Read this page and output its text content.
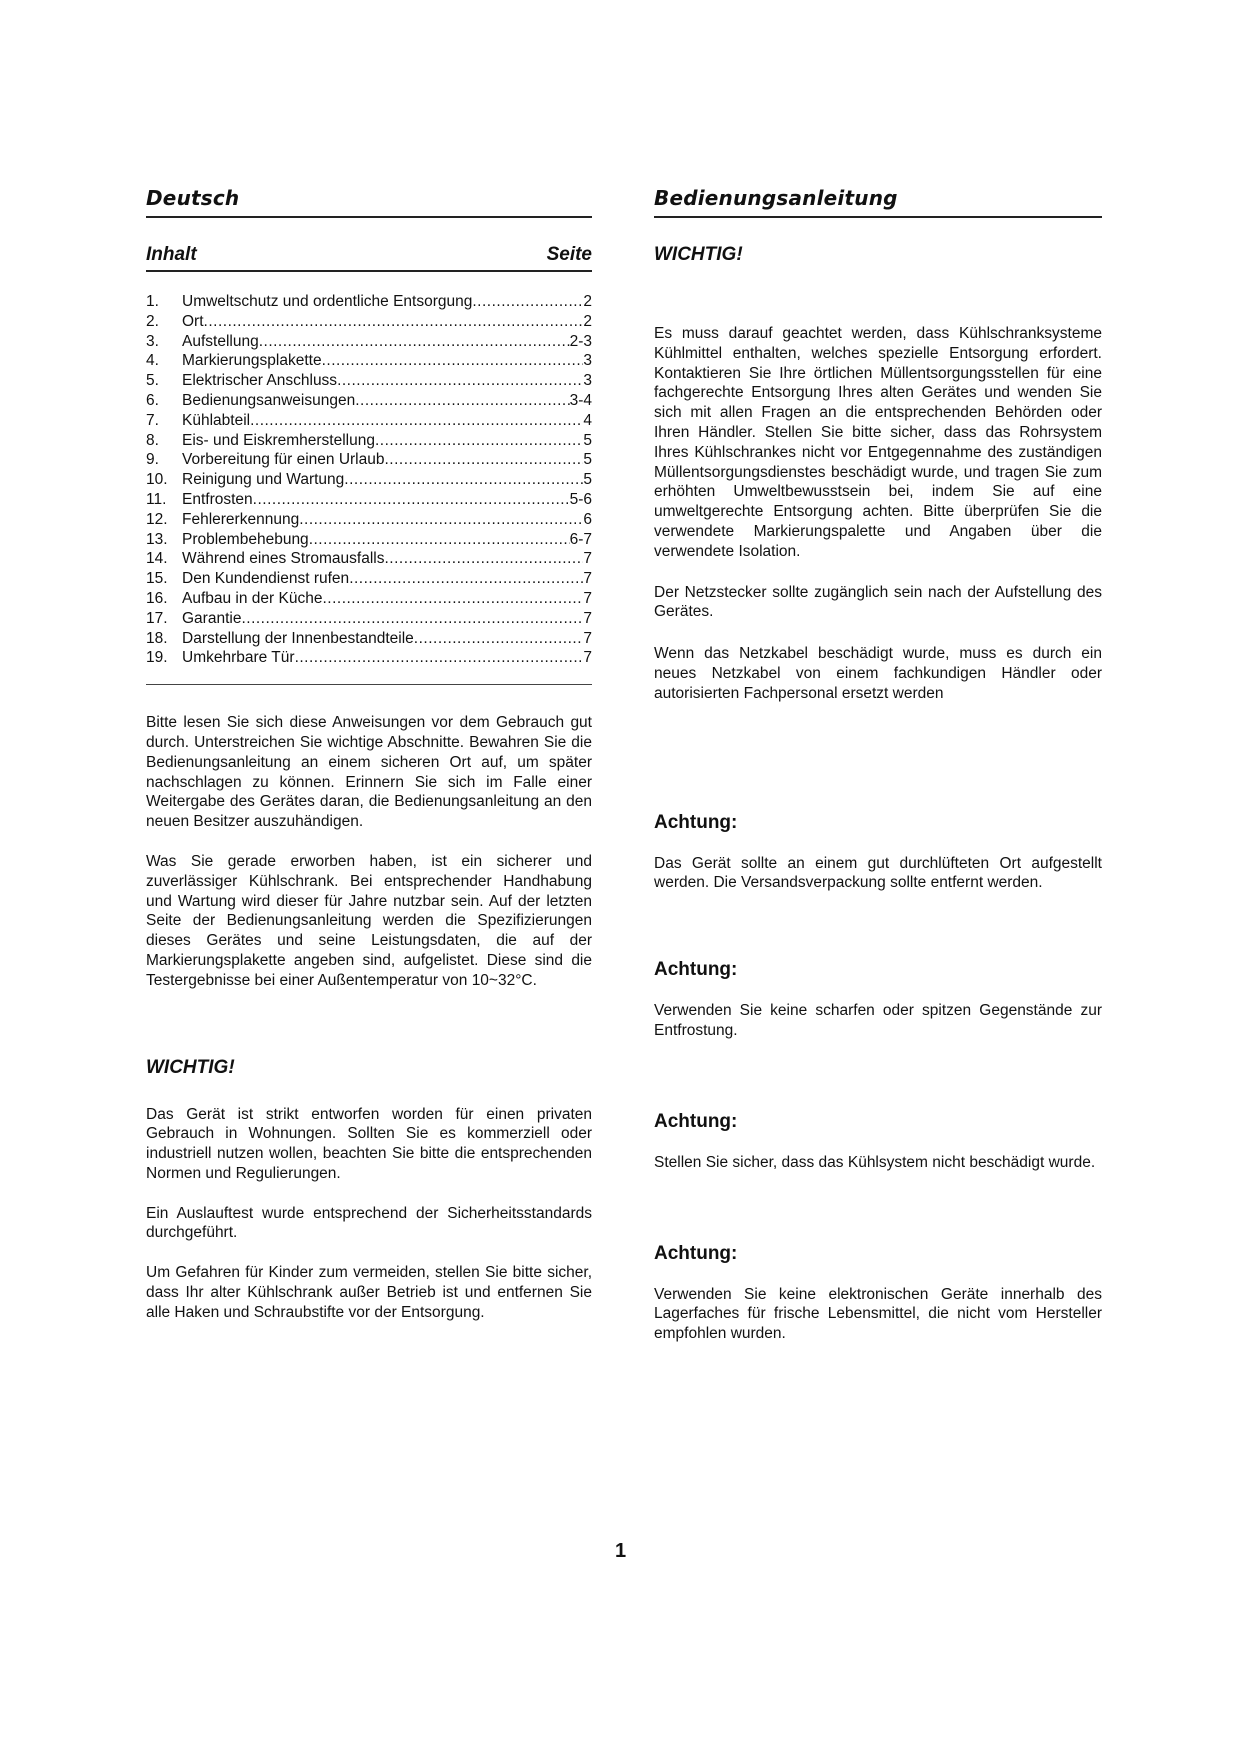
Deutsch
Inhalt	Seite
1.	Umweltschutz und ordentliche Entsorgung .....	2
2.	Ort .....	2
3.	Aufstellung .....	2-3
4.	Markierungsplakette .....	3
5.	Elektrischer Anschluss .....	3
6.	Bedienungsanweisungen .....	3-4
7.	Kühlabteil .....	4
8.	Eis- und Eiskremherstellung .....	5
9.	Vorbereitung für einen Urlaub .....	5
10. Reinigung und Wartung .....	5
11.	Entfrosten .....	5-6
12. Fehlererkennung .....	6
13. Problembehebung .....	6-7
14. Während eines Stromausfalls .....	7
15. Den Kundendienst rufen .....	7
16. Aufbau in der Küche .....	7
17. Garantie .....	7
18. Darstellung der Innenbestandteile .....	7
19. Umkehrbare Tür .....	7

Bitte lesen Sie sich diese Anweisungen vor dem Gebrauch gut durch. Unterstreichen Sie wichtige Abschnitte. Bewahren Sie die Bedienungsanleitung an einem sicheren Ort auf, um später nachschlagen zu können. Erinnern Sie sich im Falle einer Weitergabe des Gerätes daran, die Bedienungsanleitung an den neuen Besitzer auszuhändigen.

Was Sie gerade erworben haben, ist ein sicherer und zuverlässiger Kühlschrank. Bei entsprechender Handhabung und Wartung wird dieser für Jahre nutzbar sein. Auf der letzten Seite der Bedienungsanleitung werden die Spezifizierungen dieses Gerätes und seine Leistungsdaten, die auf der Markierungsplakette angeben sind, aufgelistet. Diese sind die Testergebnisse bei einer Außentemperatur von 10~32°C.

WICHTIG!

Das Gerät ist strikt entworfen worden für einen privaten Gebrauch in Wohnungen. Sollten Sie es kommerziell oder industriell nutzen wollen, beachten Sie bitte die entsprechenden Normen und Regulierungen.

Ein Auslauftest wurde entsprechend der Sicherheitsstandards durchgeführt.

Um Gefahren für Kinder zum vermeiden, stellen Sie bitte sicher, dass Ihr alter Kühlschrank außer Betrieb ist und entfernen Sie alle Haken und Schraubstifte vor der Entsorgung.

Bedienungsanleitung
WICHTIG!

Es muss darauf geachtet werden, dass Kühlschranksysteme Kühlmittel enthalten, welches spezielle Entsorgung erfordert. Kontaktieren Sie Ihre örtlichen Müllentsorgungsstellen für eine fachgerechte Entsorgung Ihres alten Gerätes und wenden Sie sich mit allen Fragen an die entsprechenden Behörden oder Ihren Händler. Stellen Sie bitte sicher, dass das Rohrsystem Ihres Kühlschrankes nicht vor Entgegennahme des zuständigen Müllentsorgungsdienstes beschädigt wurde, und tragen Sie zum erhöhten Umweltbewusstsein bei, indem Sie auf eine umweltgerechte Entsorgung achten. Bitte überprüfen Sie die verwendete Markierungspalette und Angaben über die verwendete Isolation.

Der Netzstecker sollte zugänglich sein nach der Aufstellung des Gerätes.

Wenn das Netzkabel beschädigt wurde, muss es durch ein neues Netzkabel von einem fachkundigen Händler oder autorisierten Fachpersonal ersetzt werden

Achtung:

Das Gerät sollte an einem gut durchlüfteten Ort aufgestellt werden. Die Versandsverpackung sollte entfernt werden.

Achtung:

Verwenden Sie keine scharfen oder spitzen Gegenstände zur Entfrostung.

Achtung:

Stellen Sie sicher, dass das Kühlsystem nicht beschädigt wurde.

Achtung:

Verwenden Sie keine elektronischen Geräte innerhalb des Lagerfaches für frische Lebensmittel, die nicht vom Hersteller empfohlen wurden.

1
